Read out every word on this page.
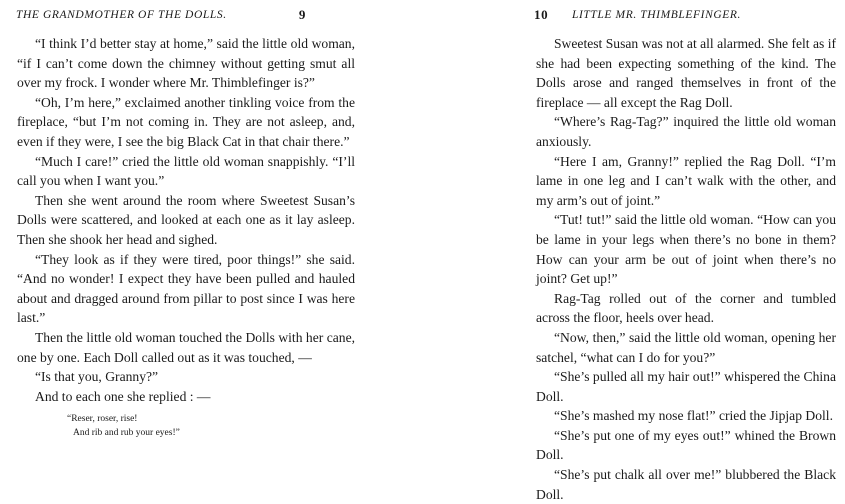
THE GRANDMOTHER OF THE DOLLS.	9

“I think I’d better stay at home,” said the little old woman, “if I can’t come down the chimney without getting smut all over my frock. I wonder where Mr. Thimblefinger is?”

“Oh, I’m here,” exclaimed another tinkling voice from the fireplace, “but I’m not coming in. They are not asleep, and, even if they were, I see the big Black Cat in that chair there.”

“Much I care!” cried the little old woman snappishly. “I’ll call you when I want you.”

Then she went around the room where Sweetest Susan’s Dolls were scattered, and looked at each one as it lay asleep. Then she shook her head and sighed.

“They look as if they were tired, poor things!” she said. “And no wonder! I expect they have been pulled and hauled about and dragged around from pillar to post since I was here last.”

Then the little old woman touched the Dolls with her cane, one by one. Each Doll called out as it was touched, —

“Is that you, Granny?”

And to each one she replied : —

“Reser, roser, rise!
And rib and rub your eyes!”
10 LITTLE MR. THIMBLEFINGER.

Sweetest Susan was not at all alarmed. She felt as if she had been expecting something of the kind. The Dolls arose and ranged themselves in front of the fireplace — all except the Rag Doll.

“Where’s Rag-Tag?” inquired the little old woman anxiously.

“Here I am, Granny!” replied the Rag Doll. “I’m lame in one leg and I can’t walk with the other, and my arm’s out of joint.”

“Tut! tut!” said the little old woman. “How can you be lame in your legs when there’s no bone in them? How can your arm be out of joint when there’s no joint? Get up!”

Rag-Tag rolled out of the corner and tumbled across the floor, heels over head.

“Now, then,” said the little old woman, opening her satchel, “what can I do for you?”

“She’s pulled all my hair out!” whispered the China Doll.

“She’s mashed my nose flat!” cried the Jipjap Doll.

“She’s put one of my eyes out!” whined the Brown Doll.

“She’s put chalk all over me!” blubbered the Black Doll.
